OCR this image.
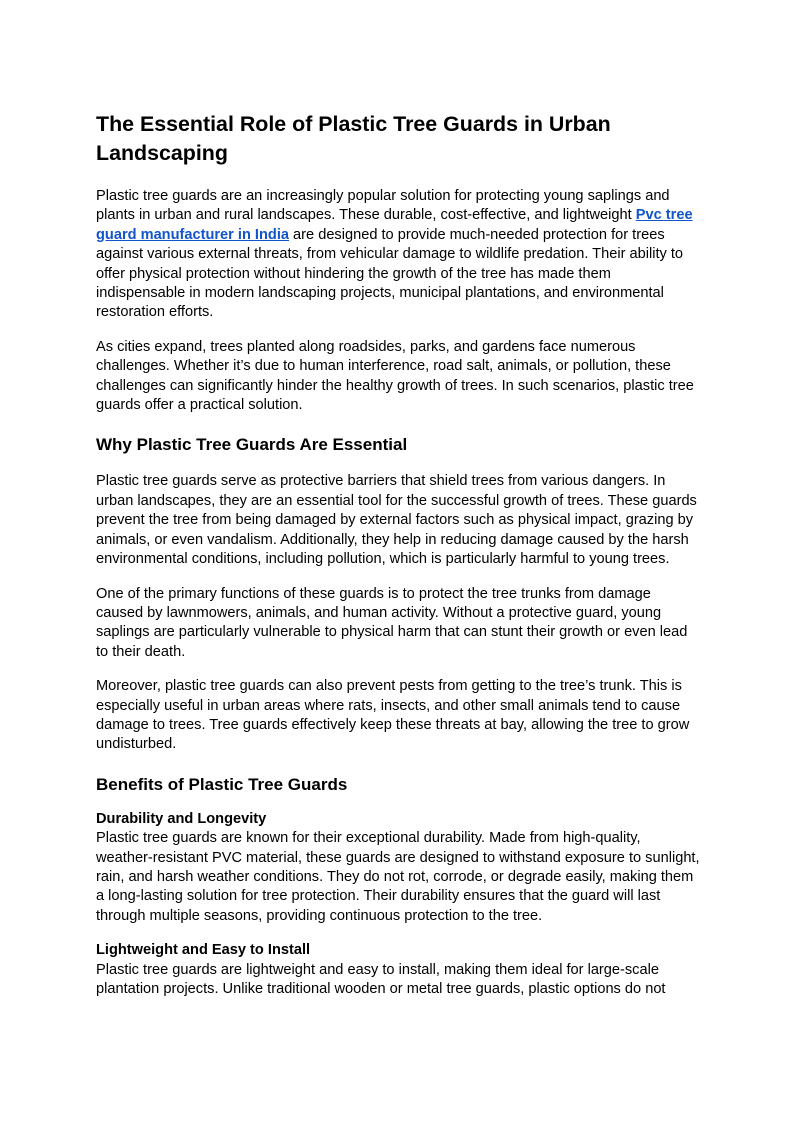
The Essential Role of Plastic Tree Guards in Urban Landscaping

Plastic tree guards are an increasingly popular solution for protecting young saplings and plants in urban and rural landscapes. These durable, cost-effective, and lightweight Pvc tree guard manufacturer in India are designed to provide much-needed protection for trees against various external threats, from vehicular damage to wildlife predation. Their ability to offer physical protection without hindering the growth of the tree has made them indispensable in modern landscaping projects, municipal plantations, and environmental restoration efforts.

As cities expand, trees planted along roadsides, parks, and gardens face numerous challenges. Whether it’s due to human interference, road salt, animals, or pollution, these challenges can significantly hinder the healthy growth of trees. In such scenarios, plastic tree guards offer a practical solution.

Why Plastic Tree Guards Are Essential

Plastic tree guards serve as protective barriers that shield trees from various dangers. In urban landscapes, they are an essential tool for the successful growth of trees. These guards prevent the tree from being damaged by external factors such as physical impact, grazing by animals, or even vandalism. Additionally, they help in reducing damage caused by the harsh environmental conditions, including pollution, which is particularly harmful to young trees.

One of the primary functions of these guards is to protect the tree trunks from damage caused by lawnmowers, animals, and human activity. Without a protective guard, young saplings are particularly vulnerable to physical harm that can stunt their growth or even lead to their death.

Moreover, plastic tree guards can also prevent pests from getting to the tree’s trunk. This is especially useful in urban areas where rats, insects, and other small animals tend to cause damage to trees. Tree guards effectively keep these threats at bay, allowing the tree to grow undisturbed.

Benefits of Plastic Tree Guards
Durability and Longevity

Plastic tree guards are known for their exceptional durability. Made from high-quality, weather-resistant PVC material, these guards are designed to withstand exposure to sunlight, rain, and harsh weather conditions. They do not rot, corrode, or degrade easily, making them a long-lasting solution for tree protection. Their durability ensures that the guard will last through multiple seasons, providing continuous protection to the tree.

Lightweight and Easy to Install

Plastic tree guards are lightweight and easy to install, making them ideal for large-scale plantation projects. Unlike traditional wooden or metal tree guards, plastic options do not
